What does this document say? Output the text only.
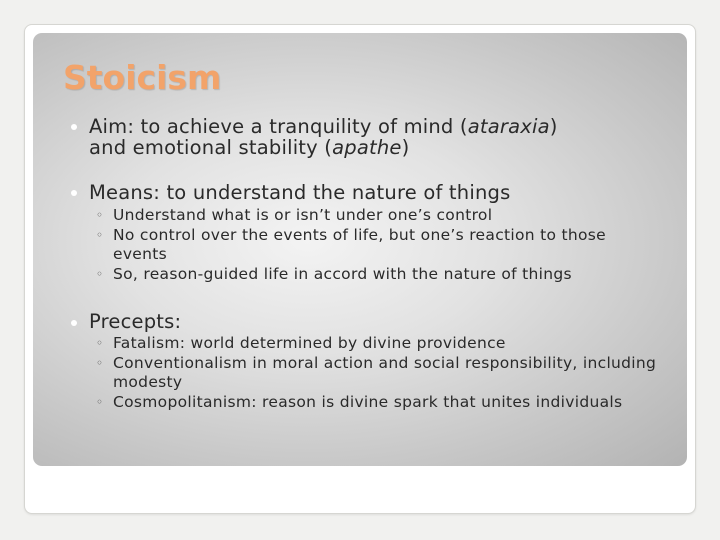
Stoicism
Aim: to achieve a tranquility of mind (ataraxia)
and emotional stability (apathe)
Means: to understand the nature of things
◦ Understand what is or isn’t under one’s control
◦ No control over the events of life, but one’s reaction to those events
◦ So, reason-guided life in accord with the nature of things
Precepts:
◦ Fatalism: world determined by divine providence
◦ Conventionalism in moral action and social responsibility, including modesty
◦ Cosmopolitanism: reason is divine spark that unites individuals
